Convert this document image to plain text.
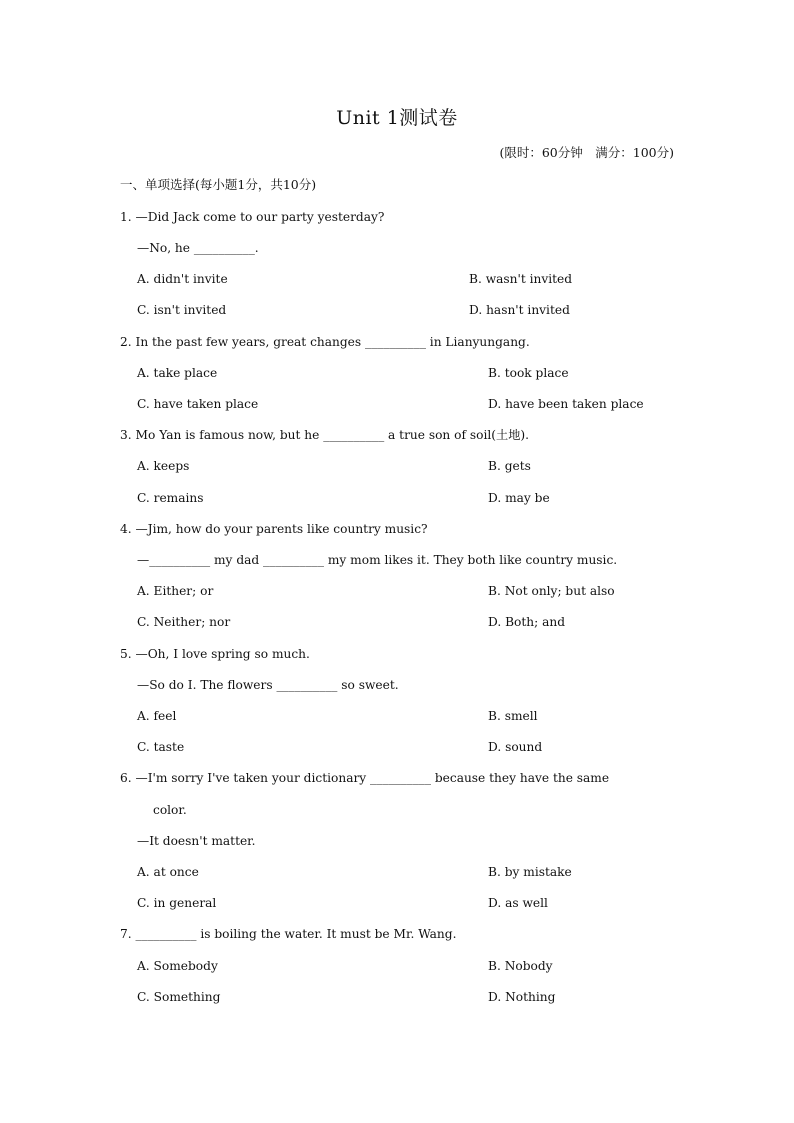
Unit 1测试卷
(限时：60分钟　满分：100分)
一、单项选择(每小题1分，共10分)
1. —Did Jack come to our party yesterday?
—No, he __________.
A. didn't invite	B. wasn't invited
C. isn't invited	D. hasn't invited
2. In the past few years, great changes __________ in Lianyungang.
A. take place	B. took place
C. have taken place	D. have been taken place
3. Mo Yan is famous now, but he __________ a true son of soil(土地).
A. keeps	B. gets
C. remains	D. may be
4. —Jim, how do your parents like country music?
—__________ my dad __________ my mom likes it. They both like country music.
A. Either; or	B. Not only; but also
C. Neither; nor	D. Both; and
5. —Oh, I love spring so much.
—So do I. The flowers __________ so sweet.
A. feel	B. smell
C. taste	D. sound
6. —I'm sorry I've taken your dictionary __________ because they have the same
color.
—It doesn't matter.
A. at once	B. by mistake
C. in general	D. as well
7. __________ is boiling the water. It must be Mr. Wang.
A. Somebody	B. Nobody
C. Something	D. Nothing
